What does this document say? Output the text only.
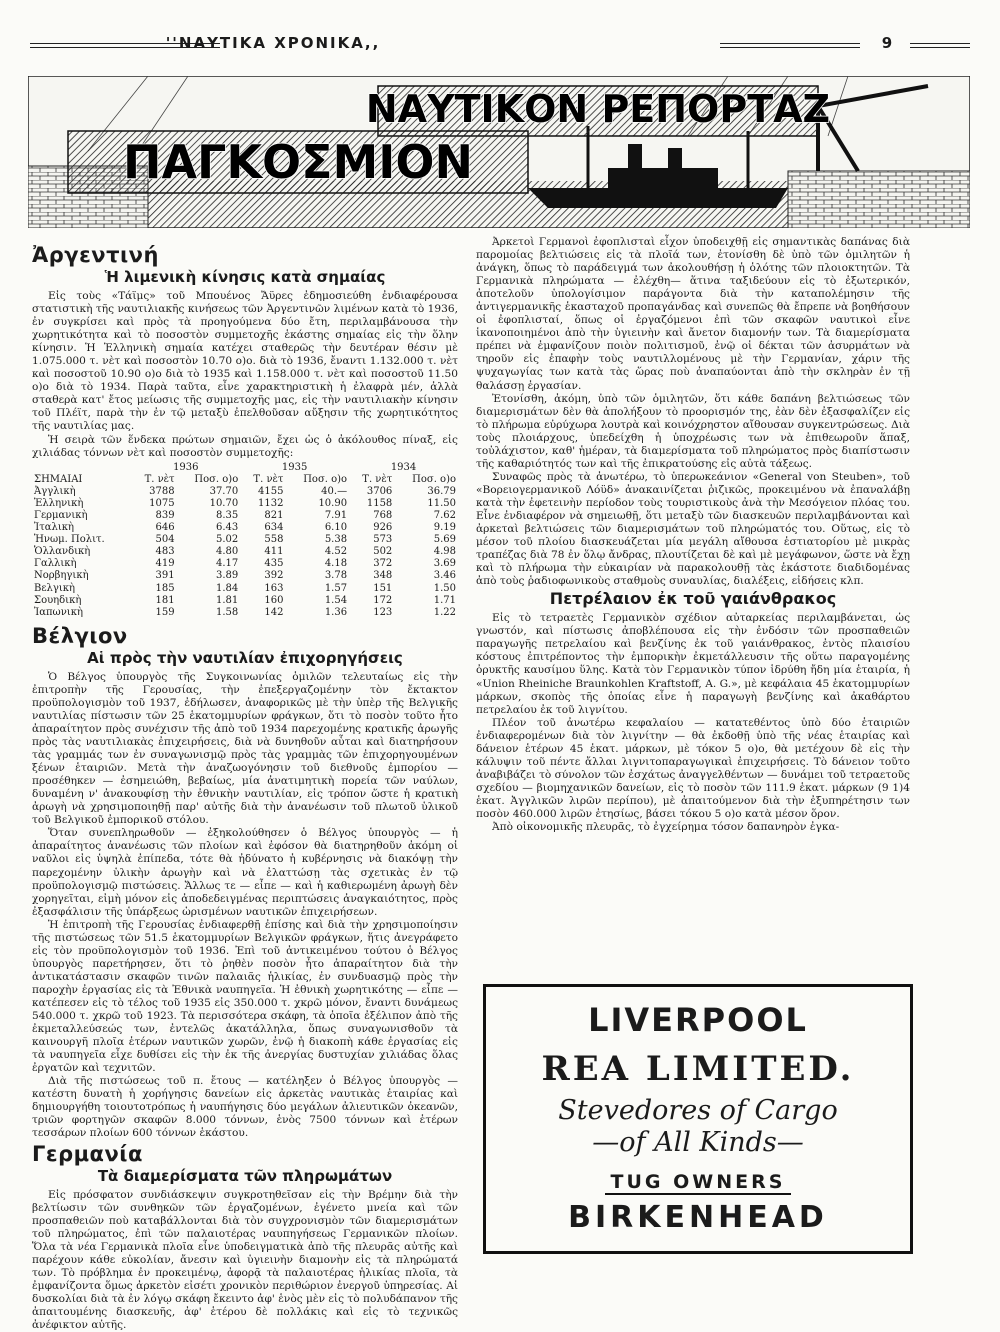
''ΝΑΥΤΙΚΑ ΧΡΟΝΙΚΑ,,	9
ΝΑΥΤΙΚΟΝ ΡΕΠΟΡΤΑΖ
ΠΑΓΚΟΣΜΙΟΝ
Ἀργεντινή
Ἡ λιμενικὴ κίνησις κατὰ σημαίας

Εἰς τοὺς «Τάϊμς» τοῦ Μπουένος Ἄϋρες ἐδημοσιεύθη ἐνδιαφέρουσα στατιστικὴ τῆς ναυτιλιακῆς κινήσεως τῶν Ἀργεντινῶν λιμένων κατὰ τὸ 1936, ἐν συγκρίσει καὶ πρὸς τὰ προηγούμενα δύο ἔτη, περιλαμβάνουσα τὴν χωρητικότητα καὶ τὸ ποσοστὸν συμμετοχῆς ἑκάστης σημαίας εἰς τὴν ὅλην κίνησιν. Ἡ Ἑλληνικὴ σημαία κατέχει σταθερῶς τὴν δευτέραν θέσιν μὲ 1.075.000 τ. νὲτ καὶ ποσοστὸν 10.70 ο)ο. διὰ τὸ 1936, ἔναντι 1.132.000 τ. νὲτ καὶ ποσοστοῦ 10.90 ο)ο διὰ τὸ 1935 καὶ 1.158.000 τ. νὲτ καὶ ποσοστοῦ 11.50 ο)ο διὰ τὸ 1934. Παρὰ ταῦτα, εἶνε χαρακτηριστικὴ ἡ ἐλαφρὰ μέν, ἀλλὰ σταθερὰ κατ' ἔτος μείωσις τῆς συμμετοχῆς μας, εἰς τὴν ναυτιλιακὴν κίνησιν τοῦ Πλέϊτ, παρὰ τὴν ἐν τῷ μεταξὺ ἐπελθοῦσαν αὔξησιν τῆς χωρητικότητος τῆς ναυτιλίας μας.

Ἡ σειρὰ τῶν ἕνδεκα πρώτων σημαιῶν, ἔχει ὡς ὁ ἀκόλουθος πίναξ, εἰς χιλιάδας τόννων νὲτ καὶ ποσοστὸν συμμετοχῆς:

	1936		1935		1934	
ΣΗΜΑΙΑΙ	Τ. νὲτ	Ποσ. ο)ο	Τ. νὲτ	Ποσ. ο)ο	Τ. νὲτ	Ποσ. ο)ο
Ἀγγλικὴ	3788	37.70	4155	40.—	3706	36.79
Ἑλληνικὴ	1075	10.70	1132	10.90	1158	11.50
Γερμανικὴ	839	8.35	821	7.91	768	7.62
Ἰταλικὴ	646	6.43	634	6.10	926	9.19
Ἡνωμ. Πολιτ.	504	5.02	558	5.38	573	5.69
Ὁλλανδικὴ	483	4.80	411	4.52	502	4.98
Γαλλικὴ	419	4.17	435	4.18	372	3.69
Νορβηγικὴ	391	3.89	392	3.78	348	3.46
Βελγικὴ	185	1.84	163	1.57	151	1.50
Σουηδικὴ	181	1.81	160	1.54	172	1.71
Ἰαπωνικὴ	159	1.58	142	1.36	123	1.22
Βέλγιον
Αἱ πρὸς τὴν ναυτιλίαν ἐπιχορηγήσεις

Ὁ Βέλγος ὑπουργὸς τῆς Συγκοινωνίας ὁμιλῶν τελευταίως εἰς τὴν ἐπιτροπὴν τῆς Γερουσίας, τὴν ἐπεξεργαζομένην τὸν ἔκτακτον προϋπολογισμὸν τοῦ 1937, ἐδήλωσεν, ἀναφορικῶς μὲ τὴν ὑπὲρ τῆς Βελγικῆς ναυτιλίας πίστωσιν τῶν 25 ἑκατομμυρίων φράγκων, ὅτι τὸ ποσὸν τοῦτο ἦτο ἀπαραίτητον πρὸς συνέχισιν τῆς ἀπὸ τοῦ 1934 παρεχομένης κρατικῆς ἀρωγῆς πρὸς τὰς ναυτιλιακὰς ἐπιχειρήσεις, διὰ νὰ δυνηθοῦν αὗται καὶ διατηρήσουν τὰς γραμμάς των ἐν συναγωνισμῷ πρὸς τὰς γραμμὰς τῶν ἐπιχορηγουμένων ξένων ἑταιριῶν. Μετὰ τὴν ἀναζωογόνησιν τοῦ διεθνοῦς ἐμπορίου — προσέθηκεν — ἐσημειώθη, βεβαίως, μία ἀνατιμητικὴ πορεία τῶν ναύλων, δυναμένη ν' ἀνακουφίσῃ τὴν ἐθνικὴν ναυτιλίαν, εἰς τρόπον ὥστε ἡ κρατικὴ ἀρωγὴ νὰ χρησιμοποιηθῇ παρ' αὐτῆς διὰ τὴν ἀνανέωσιν τοῦ πλωτοῦ ὑλικοῦ τοῦ Βελγικοῦ ἐμπορικοῦ στόλου.

Ὅταν συνεπληρωθοῦν — ἐξηκολούθησεν ὁ Βέλγος ὑπουργὸς — ἡ ἀπαραίτητος ἀνανέωσις τῶν πλοίων καὶ ἐφόσον θὰ διατηρηθοῦν ἀκόμη οἱ ναῦλοι εἰς ὑψηλὰ ἐπίπεδα, τότε θὰ ἠδύνατο ἡ κυβέρνησις νὰ διακόψῃ τὴν παρεχομένην ὑλικὴν ἀρωγὴν καὶ νὰ ἐλαττώσῃ τὰς σχετικὰς ἐν τῷ προϋπολογισμῷ πιστώσεις. Ἄλλως τε — εἶπε — καὶ ἡ καθιερωμένη ἀρωγὴ δὲν χορηγεῖται, εἰμὴ μόνον εἰς ἀποδεδειγμένας περιπτώσεις ἀναγκαιότητος, πρὸς ἐξασφάλισιν τῆς ὑπάρξεως ὡρισμένων ναυτικῶν ἐπιχειρήσεων.

Ἡ ἐπιτροπὴ τῆς Γερουσίας ἐνδιαφερθῇ ἐπίσης καὶ διὰ τὴν χρησιμοποίησιν τῆς πιστώσεως τῶν 51.5 ἑκατομμυρίων Βελγικῶν φράγκων, ἥτις ἀνεγράφετο εἰς τὸν προϋπολογισμὸν τοῦ 1936. Ἐπὶ τοῦ ἀντικειμένου τούτου ὁ Βέλγος ὑπουργὸς παρετήρησεν, ὅτι τὸ ῥηθὲν ποσὸν ἦτο ἀπαραίτητον διὰ τὴν ἀντικατάστασιν σκαφῶν τινῶν παλαιᾶς ἡλικίας, ἐν συνδυασμῷ πρὸς τὴν παροχὴν ἐργασίας εἰς τὰ Ἐθνικὰ ναυπηγεῖα. Ἡ ἐθνικὴ χωρητικότης — εἶπε — κατέπεσεν εἰς τὸ τέλος τοῦ 1935 εἰς 350.000 τ. χκρῶ μόνον, ἔναντι δυνάμεως 540.000 τ. χκρῶ τοῦ 1923. Τὰ περισσότερα σκάφη, τὰ ὁποῖα ἐξέλιπον ἀπὸ τῆς ἐκμεταλλεύσεώς των, ἐντελῶς ἀκατάλληλα, ὅπως συναγωνισθοῦν τὰ καινουργῆ πλοῖα ἑτέρων ναυτικῶν χωρῶν, ἐνῷ ἡ διακοπὴ κάθε ἐργασίας εἰς τὰ ναυπηγεῖα εἶχε δυθίσει εἰς τὴν ἐκ τῆς ἀνεργίας δυστυχίαν χιλιάδας ὅλας ἐργατῶν καὶ τεχνιτῶν.

Διὰ τῆς πιστώσεως τοῦ π. ἔτους — κατέληξεν ὁ Βέλγος ὑπουργὸς — κατέστη δυνατὴ ἡ χορήγησις δανείων εἰς ἀρκετὰς ναυτικὰς ἑταιρίας καὶ δημιουργήθη τοιουτοτρόπως ἡ ναυπήγησις δύο μεγάλων ἀλιευτικῶν ὀκεανῶν, τριῶν φορτηγῶν σκαφῶν 8.000 τόννων, ἑνὸς 7500 τόννων καὶ ἑτέρων τεσσάρων πλοίων 600 τόννων ἑκάστου.

Γερμανία
Τὰ διαμερίσματα τῶν πληρωμάτων

Εἰς πρόσφατον συνδιάσκεψιν συγκροτηθεῖσαν εἰς τὴν Βρέμην διὰ τὴν βελτίωσιν τῶν συνθηκῶν τῶν ἐργαζομένων, ἐγένετο μνεία καὶ τῶν προσπαθειῶν ποὺ καταβάλλονται διὰ τὸν συγχρονισμὸν τῶν διαμερισμάτων τοῦ πληρώματος, ἐπὶ τῶν παλαιοτέρας ναυπηγήσεως Γερμανικῶν πλοίων. Ὅλα τὰ νέα Γερμανικὰ πλοῖα εἶνε ὑποδειγματικὰ ἀπὸ τῆς πλευρᾶς αὐτῆς καὶ παρέχουν κάθε εὐκολίαν, ἄνεσιν καὶ ὑγιεινὴν διαμονὴν εἰς τὰ πληρώματά των. Τὸ πρόβλημα ἐν προκειμένῳ, ἀφορᾷ τὰ παλαιοτέρας ἡλικίας πλοῖα, τὰ ἐμφανίζοντα ὅμως ἀρκετὸν εἰσέτι χρονικὸν περιθώριον ἐνεργοῦ ὑπηρεσίας. Αἱ δυσκολίαι διὰ τὰ ἐν λόγῳ σκάφη ἔκειντο ἀφ' ἑνὸς μὲν εἰς τὸ πολυδάπανον τῆς ἀπαιτουμένης διασκευῆς, ἀφ' ἑτέρου δὲ πολλάκις καὶ εἰς τὸ τεχνικῶς ἀνέφικτον αὐτῆς.

Ἀρκετοὶ Γερμανοὶ ἐφοπλισταὶ εἶχον ὑποδειχθῇ εἰς σημαντικὰς δαπάνας διὰ παρομοίας βελτιώσεις εἰς τὰ πλοῖά των, ἐτονίσθη δὲ ὑπὸ τῶν ὁμιλητῶν ἡ ἀνάγκη, ὅπως τὸ παράδειγμά των ἀκολουθήσῃ ἡ ὁλότης τῶν πλοιοκτητῶν. Τὰ Γερμανικὰ πληρώματα — ἐλέχθη— ἅτινα ταξιδεύουν εἰς τὸ ἐξωτερικόν, ἀποτελοῦν ὑπολογίσιμον παράγοντα διὰ τὴν καταπολέμησιν τῆς ἀντιγερμανικῆς ἑκασταχοῦ προπαγάνδας καὶ συνεπῶς θὰ ἔπρεπε νὰ βοηθήσουν οἱ ἐφοπλισταί, ὅπως οἱ ἐργαζόμενοι ἐπὶ τῶν σκαφῶν ναυτικοὶ εἶνε ἱκανοποιημένοι ἀπὸ τὴν ὑγιεινὴν καὶ ἄνετον διαμονήν των. Τὰ διαμερίσματα πρέπει νὰ ἐμφανίζουν ποιὸν πολιτισμοῦ, ἐνῷ οἱ δέκται τῶν ἀσυρμάτων νὰ τηροῦν εἰς ἐπαφὴν τοὺς ναυτιλλομένους μὲ τὴν Γερμανίαν, χάριν τῆς ψυχαγωγίας των κατὰ τὰς ὥρας ποὺ ἀναπαύονται ἀπὸ τὴν σκληρὰν ἐν τῇ θαλάσσῃ ἐργασίαν.

Ἐτονίσθη, ἀκόμη, ὑπὸ τῶν ὁμιλητῶν, ὅτι κάθε δαπάνη βελτιώσεως τῶν διαμερισμάτων δὲν θὰ ἀπολήξουν τὸ προορισμόν της, ἐὰν δὲν ἐξασφαλίζεν εἰς τὸ πλήρωμα εὐρύχωρα λουτρὰ καὶ κοινόχρηστον αἴθουσαν συγκεντρώσεως. Διὰ τοὺς πλοιάρχους, ὑπεδείχθη ἡ ὑποχρέωσις των νὰ ἐπιθεωροῦν ἅπαξ, τοὐλάχιστον, καθ' ἡμέραν, τὰ διαμερίσματα τοῦ πληρώματος πρὸς διαπίστωσιν τῆς καθαριότητός των καὶ τῆς ἐπικρατούσης εἰς αὐτὰ τάξεως.

Συναφῶς πρὸς τὰ ἀνωτέρω, τὸ ὑπερωκεάνιον «General von Steuben», τοῦ «Βορειογερμανικοῦ Λόϋδ» ἀνακαινίζεται ῥιζικῶς, προκειμένου νὰ ἐπαναλάβῃ κατὰ τὴν ἐφετεινὴν περίοδον τοὺς τουριστικοὺς ἀνὰ τὴν Μεσόγειον πλόας του. Εἶνε ἐνδιαφέρον νὰ σημειωθῇ, ὅτι μεταξὺ τῶν διασκευῶν περιλαμβάνονται καὶ ἀρκεταὶ βελτιώσεις τῶν διαμερισμάτων τοῦ πληρώματός του. Οὕτως, εἰς τὸ μέσον τοῦ πλοίου διασκευάζεται μία μεγάλη αἴθουσα ἑστιατορίου μὲ μικρὰς τραπέζας διὰ 78 ἐν ὅλῳ ἄνδρας, πλουτίζεται δὲ καὶ μὲ μεγάφωνον, ὥστε νὰ ἔχῃ καὶ τὸ πλήρωμα τὴν εὐκαιρίαν νὰ παρακολουθῇ τὰς ἑκάστοτε διαδιδομένας ἀπὸ τοὺς ῥαδιοφωνικοὺς σταθμοὺς συναυλίας, διαλέξεις, εἰδήσεις κλπ.

Πετρέλαιον ἐκ τοῦ γαιάνθρακος

Εἰς τὸ τετραετὲς Γερμανικὸν σχέδιον αὐταρκείας περιλαμβάνεται, ὡς γνωστόν, καὶ πίστωσις ἀποβλέπουσα εἰς τὴν ἐνδόσιν τῶν προσπαθειῶν παραγωγῆς πετρελαίου καὶ βενζίνης ἐκ τοῦ γαιάνθρακος, ἐντὸς πλαισίου κόστους ἐπιτρέποντος τὴν ἐμπορικὴν ἐκμετάλλευσιν τῆς οὕτω παραγομένης ὀρυκτῆς καυσίμου ὕλης. Κατὰ τὸν Γερμανικὸν τύπον ἱδρύθη ἤδη μία ἑταιρία, ἡ «Union Rheiniche Braunkohlen Kraftstoff, A. G.», μὲ κεφάλαια 45 ἑκατομμυρίων μάρκων, σκοπὸς τῆς ὁποίας εἶνε ἡ παραγωγὴ βενζίνης καὶ ἀκαθάρτου πετρελαίου ἐκ τοῦ λιγνίτου.

Πλέον τοῦ ἀνωτέρω κεφαλαίου — κατατεθέντος ὑπὸ δύο ἑταιριῶν ἐνδιαφερομένων διὰ τὸν λιγνίτην — θὰ ἐκδοθῇ ὑπὸ τῆς νέας ἑταιρίας καὶ δάνειον ἑτέρων 45 ἑκατ. μάρκων, μὲ τόκον 5 ο)ο, θὰ μετέχουν δὲ εἰς τὴν κάλυψιν τοῦ πέντε ἄλλαι λιγνιτοπαραγωγικαὶ ἐπιχειρήσεις. Τὸ δάνειον τοῦτο ἀναβιβάζει τὸ σύνολον τῶν ἐσχάτως ἀναγγελθέντων — δυνάμει τοῦ τετραετοῦς σχεδίου — βιομηχανικῶν δανείων, εἰς τὸ ποσὸν τῶν 111.9 ἑκατ. μάρκων (9 1)4 ἑκατ. Ἀγγλικῶν λιρῶν περίπου), μὲ ἀπαιτούμενον διὰ τὴν ἐξυπηρέτησιν των ποσὸν 460.000 λιρῶν ἐτησίως, βάσει τόκου 5 ο)ο κατὰ μέσον ὅρον.

Ἀπὸ οἰκονομικῆς πλευρᾶς, τὸ ἐγχείρημα τόσον δαπανηρὸν ἐγκα-

LIVERPOOL
REA LIMITED.
Stevedores of Cargo
—of All Kinds—
TUG OWNERS
BIRKENHEAD
